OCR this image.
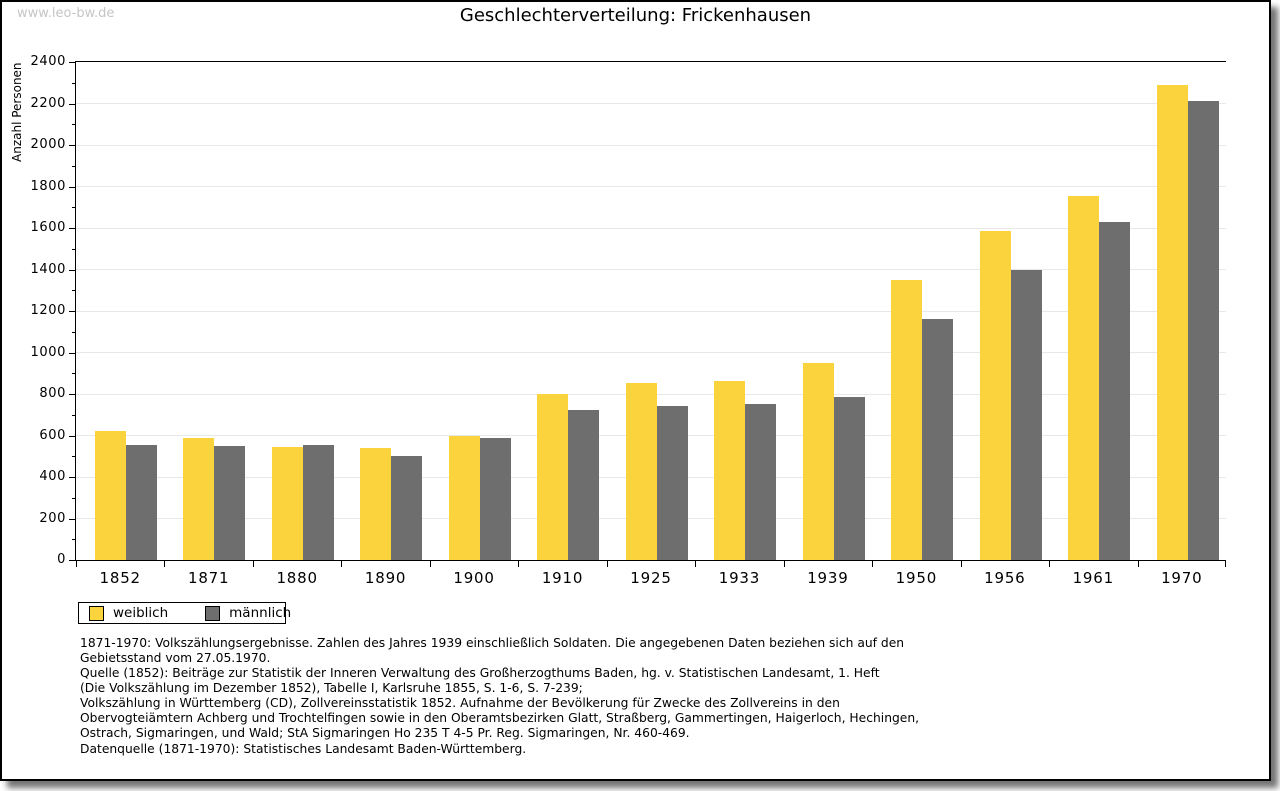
www.leo-bw.de	Geschlechterverteilung: Frickenhausen
Anzahl Personen
0
200
400
600
800
1000
1200
1400
1600
1800
2000
2200
2400
1852	1871	1880	1890	1900	1910	1925	1933	1939	1950	1956	1961	1970
weiblich	männlich
1871-1970: Volkszählungsergebnisse. Zahlen des Jahres 1939 einschließlich Soldaten. Die angegebenen Daten beziehen sich auf den
Gebietsstand vom 27.05.1970.
Quelle (1852): Beiträge zur Statistik der Inneren Verwaltung des Großherzogthums Baden, hg. v. Statistischen Landesamt, 1. Heft
(Die Volkszählung im Dezember 1852), Tabelle I, Karlsruhe 1855, S. 1-6, S. 7-239;
Volkszählung in Württemberg (CD), Zollvereinsstatistik 1852. Aufnahme der Bevölkerung für Zwecke des Zollvereins in den
Obervogteiämtern Achberg und Trochtelfingen sowie in den Oberamtsbezirken Glatt, Straßberg, Gammertingen, Haigerloch, Hechingen,
Ostrach, Sigmaringen, und Wald; StA Sigmaringen Ho 235 T 4-5 Pr. Reg. Sigmaringen, Nr. 460-469.
Datenquelle (1871-1970): Statistisches Landesamt Baden-Württemberg.
